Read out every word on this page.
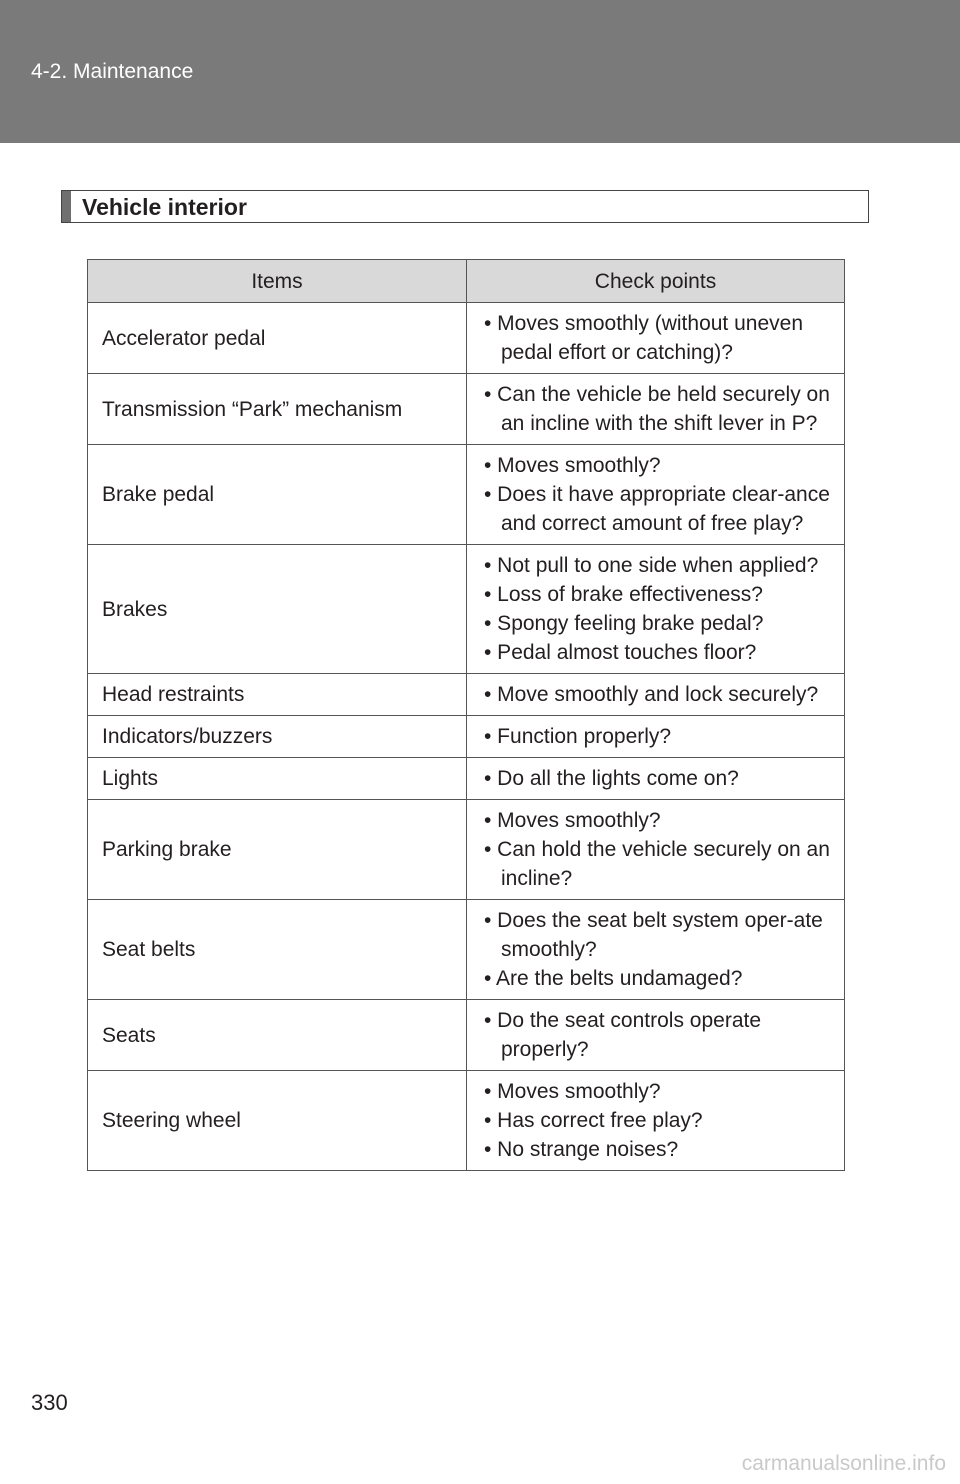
4-2. Maintenance
Vehicle interior
Items	Check points
Accelerator pedal	• Moves smoothly (without uneven pedal effort or catching)?

Transmission “Park” mechanism	• Can the vehicle be held securely on an incline with the shift lever in P?

Brake pedal	• Moves smoothly?
• Does it have appropriate clear-ance and correct amount of free play?

Brakes	• Not pull to one side when applied?
• Loss of brake effectiveness?
• Spongy feeling brake pedal?
• Pedal almost touches floor?

Head restraints	• Move smoothly and lock securely?

Indicators/buzzers	• Function properly?

Lights	• Do all the lights come on?

Parking brake	• Moves smoothly?
• Can hold the vehicle securely on an incline?

Seat belts	• Does the seat belt system oper-ate smoothly?
• Are the belts undamaged?

Seats	• Do the seat controls operate properly?

Steering wheel	• Moves smoothly?
• Has correct free play?
• No strange noises?
330
carmanualsonline.info
